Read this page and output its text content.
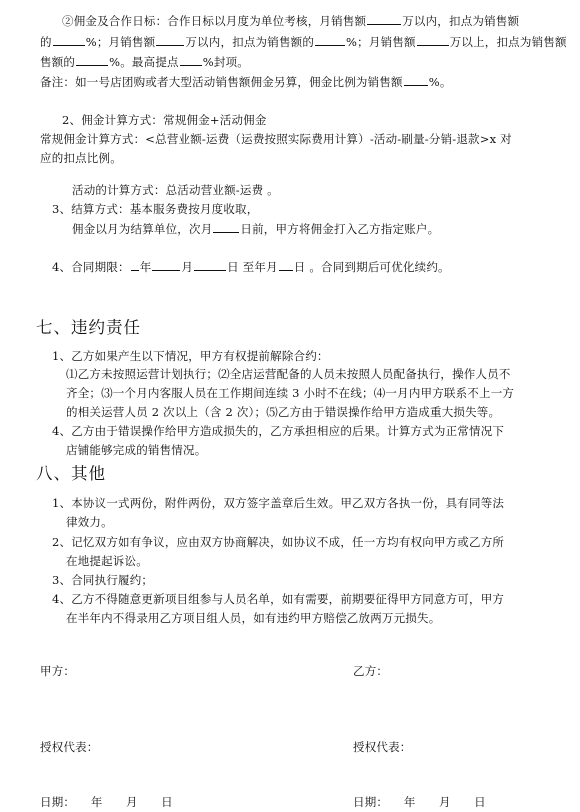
②佣金及合作日标：合作日标以月度为单位考核，月销售额	万以内，扣点为销售额
的	%；月销售额	万以内，扣点为销售额的	%；月销售额	万以上，扣点为销售额
售额的	%。最高提点 %封项。
备注：如一号店团购或者大型活动销售额佣金另算，佣金比例为销售额 %。
2、佣金计算方式：常规佣金+活动佣金
常规佣金计算方式：<总营业额-运费（运费按照实际费用计算）-活动-刷量-分销-退款>x 对
应的扣点比例。
活动的计算方式：总活动营业额-运费 。
3、结算方式：基本服务费按月度收取，
佣金以月为结算单位，次月 日前，甲方将佣金打入乙方指定账户。
4、合同期限： 年	月	日 至年月 日 。合同到期后可优化续约。
七、违约责任
1、乙方如果产生以下情况，甲方有权提前解除合约：
⑴乙方未按照运营计划执行；⑵全店运营配备的人员未按照人员配备执行，操作人员不
齐全；⑶一个月内客服人员在工作期间连续 3 小时不在线；⑷一月内甲方联系不上一方
的相关运营人员 2 次以上（含 2 次）；⑸乙方由于错误操作给甲方造成重大损失等。
4、乙方由于错误操作给甲方造成损失的，乙方承担相应的后果。计算方式为正常情况下
店铺能够完成的销售情况。
八、其他
1、本协议一式两份，附件两份，双方签字盖章后生效。甲乙双方各执一份，具有同等法
律效力。
2、记忆双方如有争议，应由双方协商解决，如协议不成，任一方均有权向甲方或乙方所
在地提起诉讼。
3、合同执行履约；
4、乙方不得随意更新项目组参与人员名单，如有需要，前期要征得甲方同意方可，甲方
在半年内不得录用乙方项目组人员，如有违约甲方赔偿乙放两万元损失。
甲方：	乙方：
授权代表：	授权代表：
日期：　 年　　月　　日	日期：　 年　　月　　日
